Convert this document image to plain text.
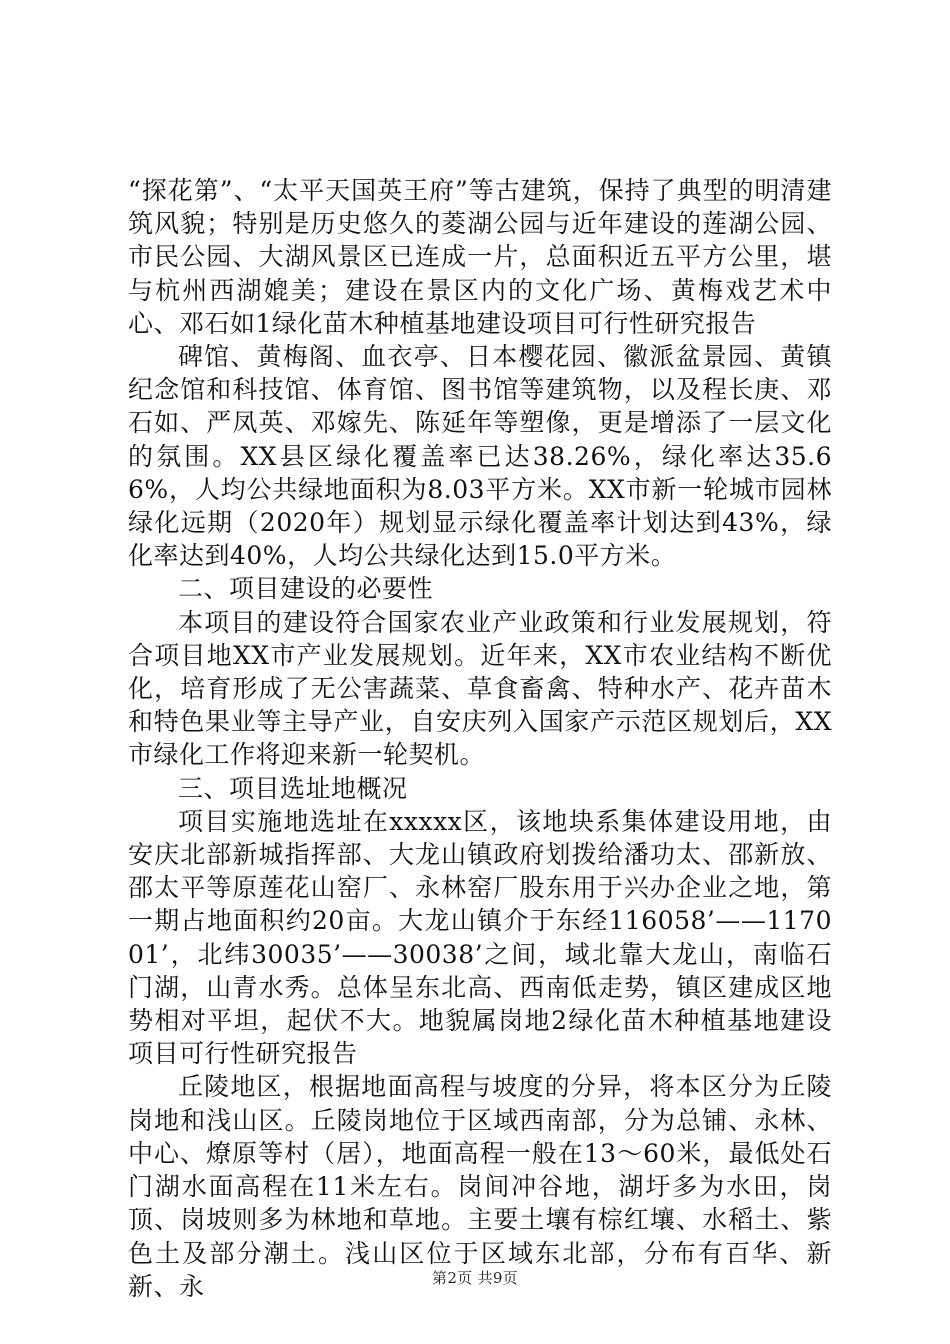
“探花第”、“太平天国英王府”等古建筑，保持了典型的明清建筑风貌；特别是历史悠久的菱湖公园与近年建设的莲湖公园、市民公园、大湖风景区已连成一片，总面积近五平方公里，堪与杭州西湖媲美；建设在景区内的文化广场、黄梅戏艺术中心、邓石如1绿化苗木种植基地建设项目可行性研究报告

碑馆、黄梅阁、血衣亭、日本樱花园、徽派盆景园、黄镇纪念馆和科技馆、体育馆、图书馆等建筑物，以及程长庚、邓石如、严凤英、邓嫁先、陈延年等塑像，更是增添了一层文化的氛围。XX县区绿化覆盖率已达38.26%，绿化率达35.66%，人均公共绿地面积为8.03平方米。XX市新一轮城市园林绿化远期（2020年）规划显示绿化覆盖率计划达到43%，绿化率达到40%，人均公共绿化达到15.0平方米。

二、项目建设的必要性

本项目的建设符合国家农业产业政策和行业发展规划，符合项目地XX市产业发展规划。近年来，XX市农业结构不断优化，培育形成了无公害蔬菜、草食畜禽、特种水产、花卉苗木和特色果业等主导产业，自安庆列入国家产示范区规划后，XX市绿化工作将迎来新一轮契机。

三、项目选址地概况

项目实施地选址在xxxxx区，该地块系集体建设用地，由安庆北部新城指挥部、大龙山镇政府划拨给潘功太、邵新放、邵太平等原莲花山窑厂、永林窑厂股东用于兴办企业之地，第一期占地面积约20亩。大龙山镇介于东经116058’——117001’，北纬30035’——30038’之间，域北靠大龙山，南临石门湖，山青水秀。总体呈东北高、西南低走势，镇区建成区地势相对平坦，起伏不大。地貌属岗地2绿化苗木种植基地建设项目可行性研究报告

丘陵地区，根据地面高程与坡度的分异，将本区分为丘陵岗地和浅山区。丘陵岗地位于区域西南部，分为总铺、永林、中心、燎原等村（居），地面高程一般在13～60米，最低处石门湖水面高程在11米左右。岗间冲谷地，湖圩多为水田，岗顶、岗坡则多为林地和草地。主要土壤有棕红壤、水稻土、紫色土及部分潮土。浅山区位于区域东北部，分布有百华、新新、永	第2页 共9页
